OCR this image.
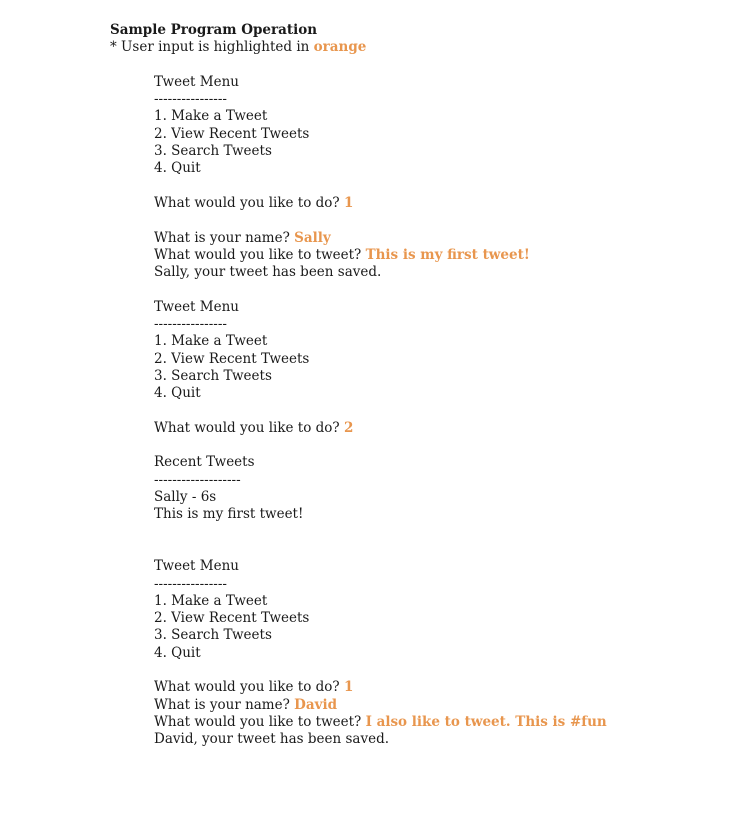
Sample Program Operation
* User input is highlighted in orange
Tweet Menu
----------------
1. Make a Tweet
2. View Recent Tweets
3. Search Tweets
4. Quit
What would you like to do? 1
What is your name? Sally
What would you like to tweet? This is my first tweet!
Sally, your tweet has been saved.
Tweet Menu
----------------
1. Make a Tweet
2. View Recent Tweets
3. Search Tweets
4. Quit
What would you like to do? 2
Recent Tweets
-------------------
Sally - 6s
This is my first tweet!
Tweet Menu
----------------
1. Make a Tweet
2. View Recent Tweets
3. Search Tweets
4. Quit
What would you like to do? 1
What is your name? David
What would you like to tweet? I also like to tweet. This is #fun
David, your tweet has been saved.
